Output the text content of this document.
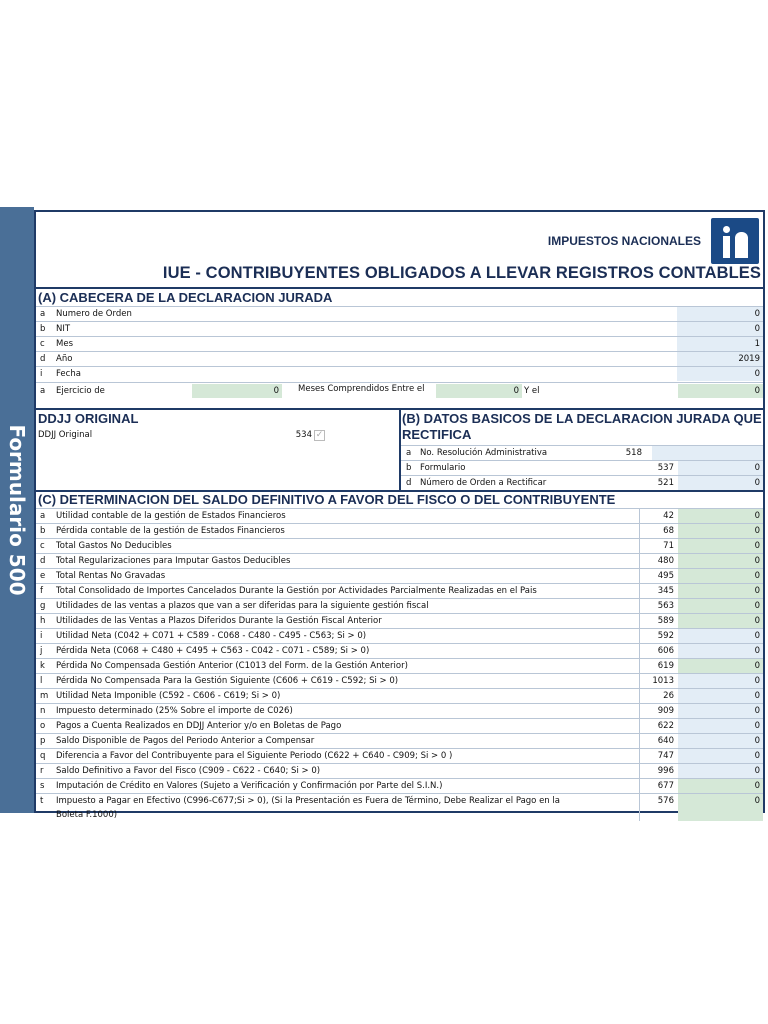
Formulario 500
IMPUESTOS NACIONALES
IUE - CONTRIBUYENTES OBLIGADOS A LLEVAR REGISTROS CONTABLES
(A) CABECERA DE LA DECLARACION JURADA
a	Numero de Orden	0
b	NIT	0
c	Mes	1
d	Año	2019
i	Fecha	0
a Ejercicio de	0	Meses Comprendidos Entre el	0 Y el	0
DDJJ ORIGINAL
DDJJ Original	534 ✓
(B) DATOS BASICOS DE LA DECLARACION JURADA QUE RECTIFICA
a No. Resolución Administrativa	518
b Formulario	537	0
d Número de Orden a Rectificar	521	0
(C) DETERMINACION DEL SALDO DEFINITIVO A FAVOR DEL FISCO O DEL CONTRIBUYENTE
a	Utilidad contable de la gestión de Estados Financieros	42	0
b	Pérdida contable de la gestión de Estados Financieros	68	0
c	Total Gastos No Deducibles	71	0
d	Total Regularizaciones para Imputar Gastos Deducibles	480	0
e	Total Rentas No Gravadas	495	0
f	Total Consolidado de Importes Cancelados Durante la Gestión por Actividades Parcialmente Realizadas en el Pais	345	0
g	Utilidades de las ventas a plazos que van a ser diferidas para la siguiente gestión fiscal	563	0
h	Utilidades de las Ventas a Plazos Diferidos Durante la Gestión Fiscal Anterior	589	0
i	Utilidad Neta (C042 + C071 + C589 - C068 - C480 - C495 - C563; Si > 0)	592	0
j	Pérdida Neta (C068 + C480 + C495 + C563 - C042 - C071 - C589; Si > 0)	606	0
k	Pérdida No Compensada Gestión Anterior (C1013 del Form. de la Gestión Anterior)	619	0
l	Pérdida No Compensada Para la Gestión Siguiente (C606 + C619 - C592; Si > 0)	1013	0
m Utilidad Neta Imponible (C592 - C606 - C619; Si > 0)	26	0
n	Impuesto determinado (25% Sobre el importe de C026)	909	0
o	Pagos a Cuenta Realizados en DDJJ Anterior y/o en Boletas de Pago	622	0
p	Saldo Disponible de Pagos del Periodo Anterior a Compensar	640	0
q	Diferencia a Favor del Contribuyente para el Siguiente Periodo (C622 + C640 - C909; Si > 0 )	747	0
r	Saldo Definitivo a Favor del Fisco (C909 - C622 - C640; Si > 0)	996	0
s	Imputación de Crédito en Valores (Sujeto a Verificación y Confirmación por Parte del S.I.N.)	677	0
t	Impuesto a Pagar en Efectivo (C996-C677;Si > 0), (Si la Presentación es Fuera de Término, Debe Realizar el Pago en la
Boleta F.1000)
576	0
